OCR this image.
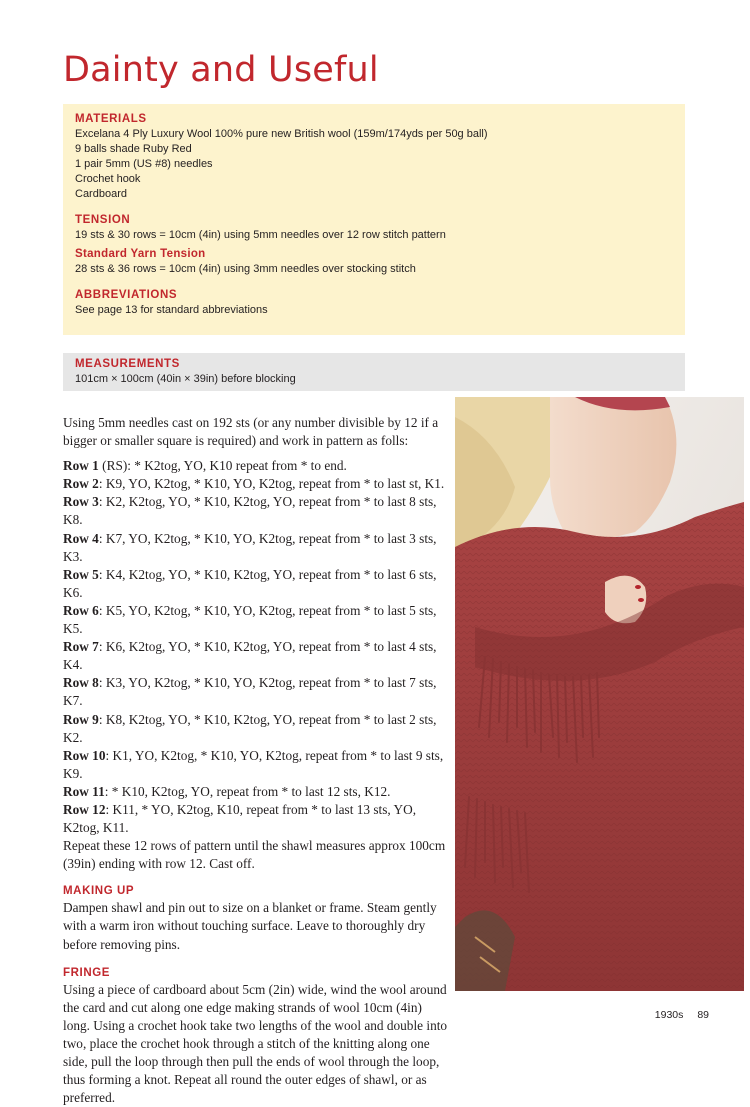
Dainty and Useful

MATERIALS

Excelana 4 Ply Luxury Wool 100% pure new British wool (159m/174yds per 50g ball)

9 balls shade Ruby Red

1 pair 5mm (US #8) needles

Crochet hook

Cardboard

TENSION

19 sts & 30 rows = 10cm (4in) using 5mm needles over 12 row stitch pattern

Standard Yarn Tension

28 sts & 36 rows = 10cm (4in) using 3mm needles over stocking stitch

ABBREVIATIONS

See page 13 for standard abbreviations

MEASUREMENTS

101cm × 100cm (40in × 39in) before blocking

Using 5mm needles cast on 192 sts (or any number divisible by 12 if a bigger or smaller square is required) and work in pattern as folls:

Row 1 (RS): * K2tog, YO, K10 repeat from * to end.

Row 2: K9, YO, K2tog, * K10, YO, K2tog, repeat from * to last st, K1.

Row 3: K2, K2tog, YO, * K10, K2tog, YO, repeat from * to last 8 sts, K8.

Row 4: K7, YO, K2tog, * K10, YO, K2tog, repeat from * to last 3 sts, K3.

Row 5: K4, K2tog, YO, * K10, K2tog, YO, repeat from * to last 6 sts, K6.

Row 6: K5, YO, K2tog, * K10, YO, K2tog, repeat from * to last 5 sts, K5.

Row 7: K6, K2tog, YO, * K10, K2tog, YO, repeat from * to last 4 sts, K4.

Row 8: K3, YO, K2tog, * K10, YO, K2tog, repeat from * to last 7 sts, K7.

Row 9: K8, K2tog, YO, * K10, K2tog, YO, repeat from * to last 2 sts, K2.

Row 10: K1, YO, K2tog, * K10, YO, K2tog, repeat from * to last 9 sts, K9.

Row 11: * K10, K2tog, YO, repeat from * to last 12 sts, K12.

Row 12: K11, * YO, K2tog, K10, repeat from * to last 13 sts, YO, K2tog, K11.

Repeat these 12 rows of pattern until the shawl measures approx 100cm (39in) ending with row 12. Cast off.

MAKING UP

Dampen shawl and pin out to size on a blanket or frame. Steam gently with a warm iron without touching surface. Leave to thoroughly dry before removing pins.

FRINGE

Using a piece of cardboard about 5cm (2in) wide, wind the wool around the card and cut along one edge making strands of wool 10cm (4in) long. Using a crochet hook take two lengths of the wool and double into two, place the crochet hook through a stitch of the knitting along one side, pull the loop through then pull the ends of wool through the loop, thus forming a knot. Repeat all round the outer edges of shawl, or as preferred.

1930s 89
